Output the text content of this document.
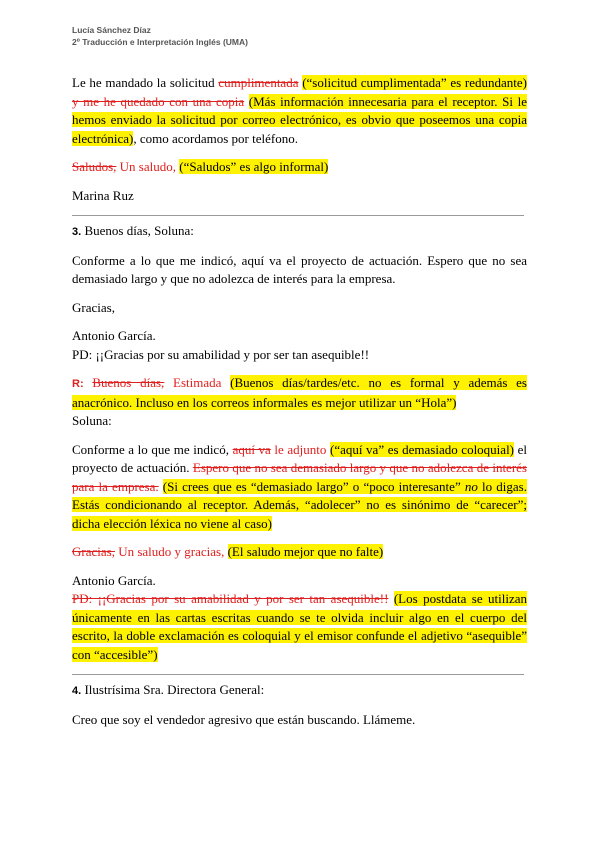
Lucía Sánchez Díaz
2º Traducción e Interpretación Inglés (UMA)

Le he mandado la solicitud cumplimentada (“solicitud cumplimentada” es redundante) y me he quedado con una copia (Más información innecesaria para el receptor. Si le hemos enviado la solicitud por correo electrónico, es obvio que poseemos una copia electrónica), como acordamos por teléfono.

Saludos, Un saludo, (“Saludos” es algo informal)

Marina Ruz

3. Buenos días, Soluna:

Conforme a lo que me indicó, aquí va el proyecto de actuación. Espero que no sea demasiado largo y que no adolezca de interés para la empresa.

Gracias,

Antonio García.

PD: ¡¡Gracias por su amabilidad y por ser tan asequible!!

R: Buenos días, Estimada (Buenos días/tardes/etc. no es formal y además es anacrónico. Incluso en los correos informales es mejor utilizar un “Hola”)

Soluna:

Conforme a lo que me indicó, aquí va le adjunto (“aquí va” es demasiado coloquial) el proyecto de actuación. Espero que no sea demasiado largo y que no adolezca de interés para la empresa. (Si crees que es “demasiado largo” o “poco interesante” no lo digas. Estás condicionando al receptor. Además, “adolecer” no es sinónimo de “carecer”; dicha elección léxica no viene al caso)

Gracias, Un saludo y gracias, (El saludo mejor que no falte)

Antonio García.

PD: ¡¡Gracias por su amabilidad y por ser tan asequible!! (Los postdata se utilizan únicamente en las cartas escritas cuando se te olvida incluir algo en el cuerpo del escrito, la doble exclamación es coloquial y el emisor confunde el adjetivo “asequible” con “accesible”)

4. Ilustrísima Sra. Directora General:

Creo que soy el vendedor agresivo que están buscando. Llámeme.
